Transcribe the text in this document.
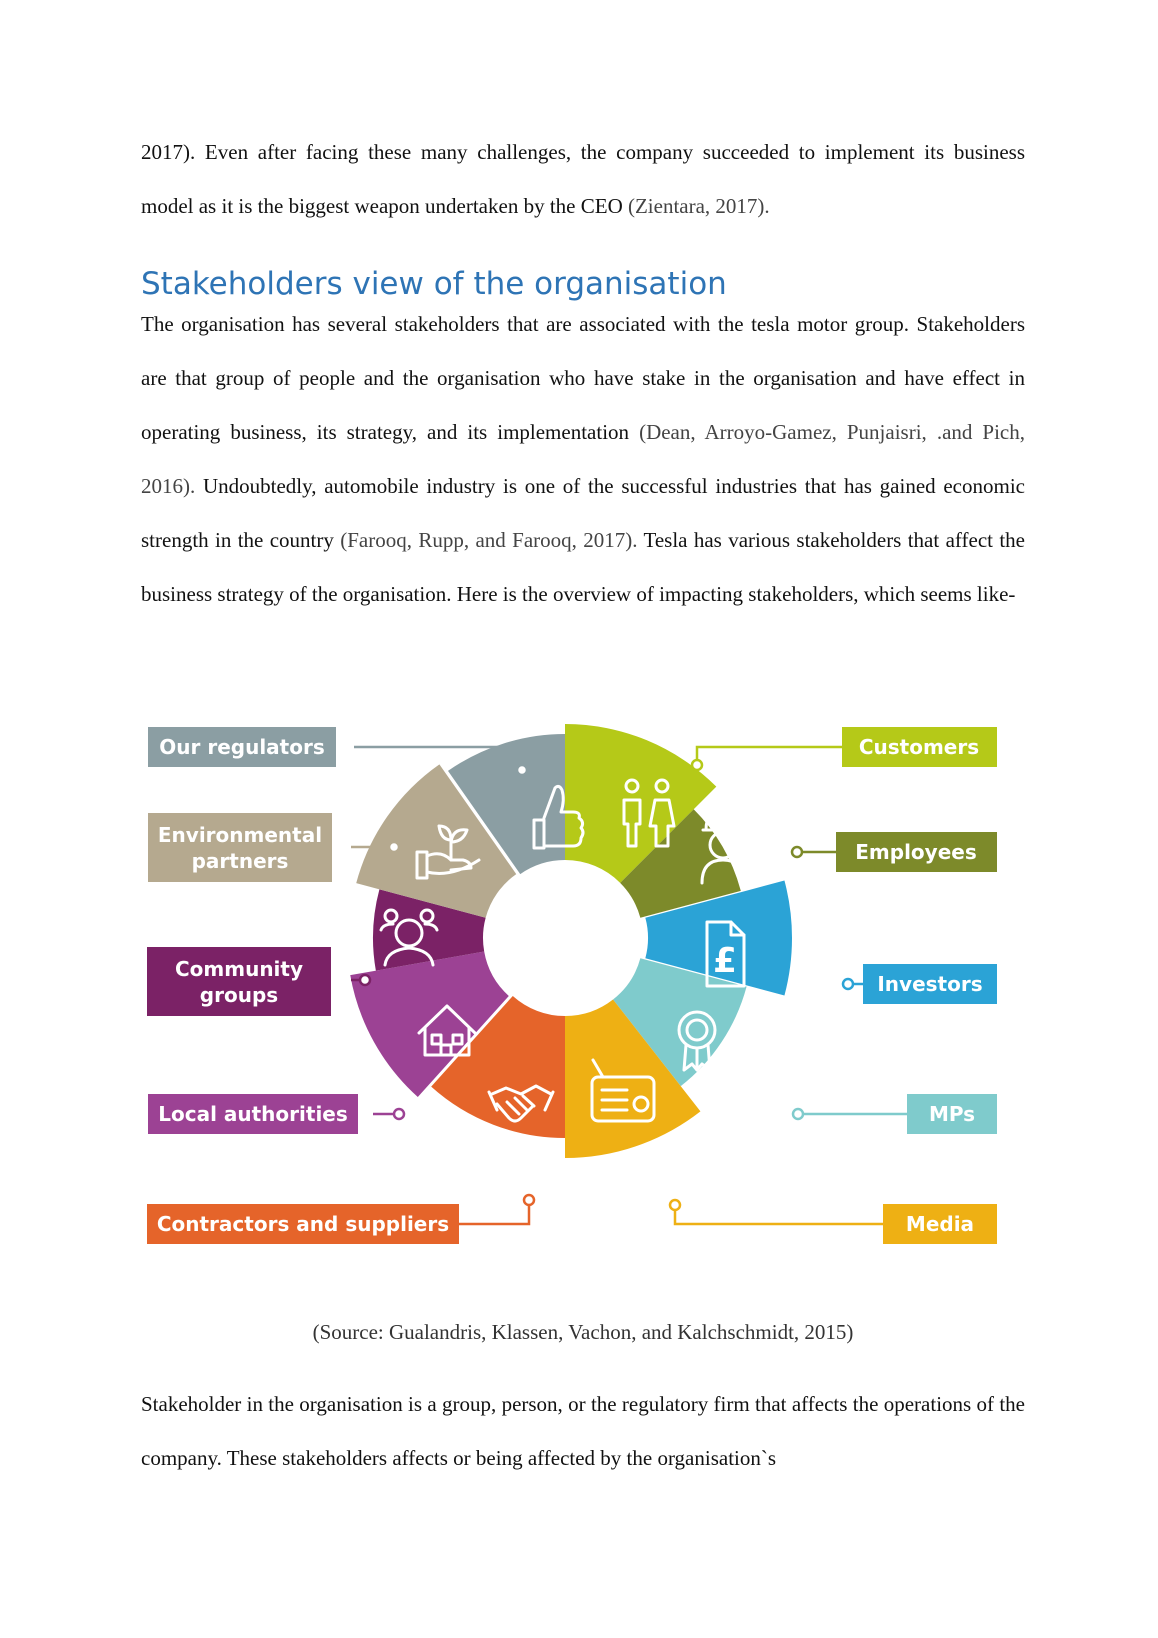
2017). Even after facing these many challenges, the company succeeded to implement its business model as it is the biggest weapon undertaken by the CEO (Zientara, 2017).

Stakeholders view of the organisation

The organisation has several stakeholders that are associated with the tesla motor group. Stakeholders are that group of people and the organisation who have stake in the organisation and have effect in operating business, its strategy, and its implementation (Dean, Arroyo-Gamez, Punjaisri, .and Pich, 2016). Undoubtedly, automobile industry is one of the successful industries that has gained economic strength in the country (Farooq, Rupp, and Farooq, 2017). Tesla has various stakeholders that affect the business strategy of the organisation. Here is the overview of impacting stakeholders, which seems like-

Our regulators
Environmental
partners
Community
groups
Local authorities
Contractors and suppliers
Customers
Employees
Investors
MPs
Media
£
(Source: Gualandris, Klassen, Vachon, and Kalchschmidt, 2015)

Stakeholder in the organisation is a group, person, or the regulatory firm that affects the operations of the company. These stakeholders affects or being affected by the organisation`s
